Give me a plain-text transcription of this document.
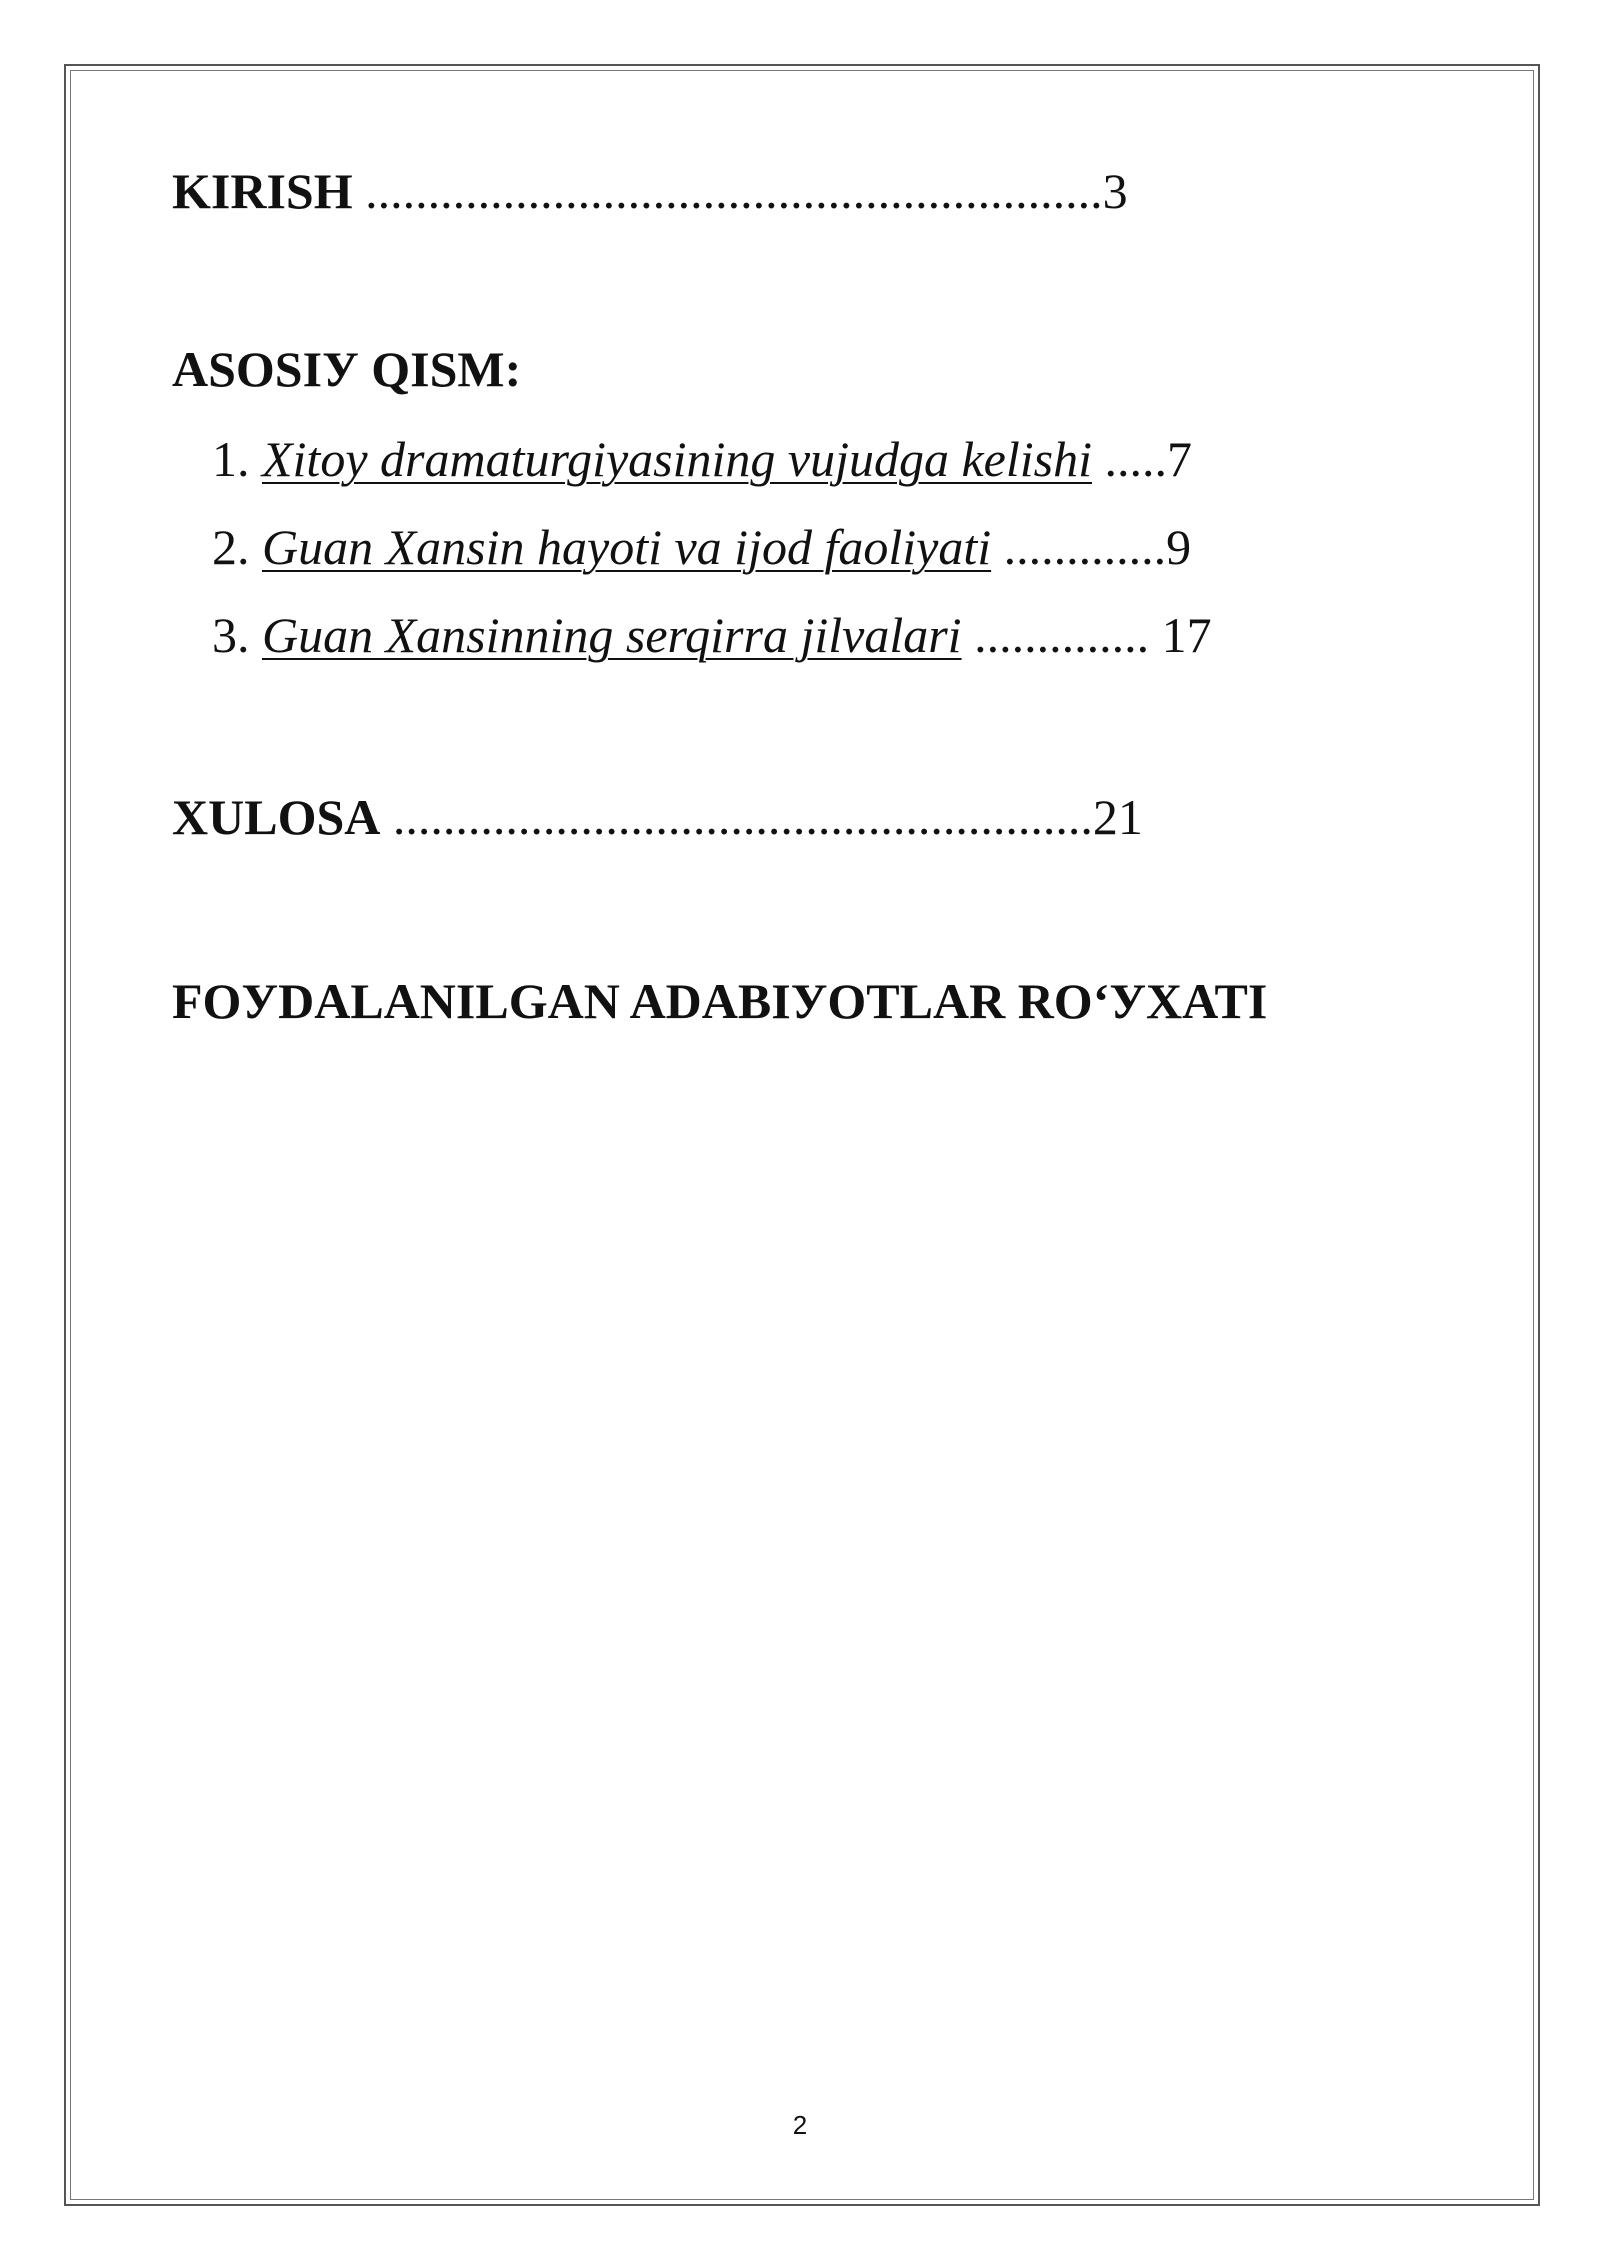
KIRISH ...........................................................3
ASOSIУ QISM:
1. Xitoy dramaturgiyasining vujudga kelishi .....7
2. Guan Xansin hayoti va ijod faoliyati .............9
3. Guan Xansinning serqirra jilvalari .............. 17
XULOSA ........................................................21
FOУDALANILGAN ADABIУOTLAR RO‘УXATI
2
